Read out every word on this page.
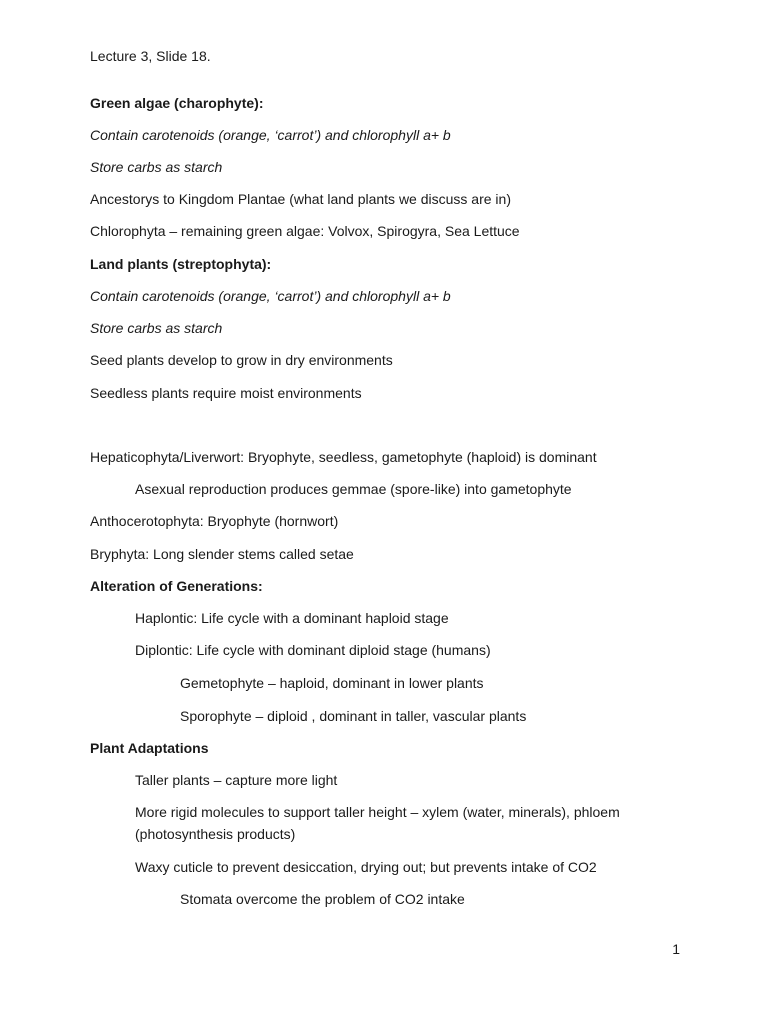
Lecture 3, Slide 18.
Green algae (charophyte):
Contain carotenoids (orange, ‘carrot’) and chlorophyll a+ b
Store carbs as starch
Ancestorys to Kingdom Plantae (what land plants we discuss are in)
Chlorophyta – remaining green algae: Volvox, Spirogyra, Sea Lettuce
Land plants (streptophyta):
Contain carotenoids (orange, ‘carrot’) and chlorophyll a+ b
Store carbs as starch
Seed plants develop to grow in dry environments
Seedless plants require moist environments
Hepaticophyta/Liverwort: Bryophyte, seedless, gametophyte (haploid) is dominant
Asexual reproduction produces gemmae (spore-like) into gametophyte
Anthocerotophyta: Bryophyte (hornwort)
Bryphyta: Long slender stems called setae
Alteration of Generations:
Haplontic: Life cycle with a dominant haploid stage
Diplontic: Life cycle with dominant diploid stage (humans)
Gemetophyte – haploid, dominant in lower plants
Sporophyte – diploid , dominant in taller, vascular plants
Plant Adaptations
Taller plants – capture more light
More rigid molecules to support taller height – xylem (water, minerals), phloem (photosynthesis products)
Waxy cuticle to prevent desiccation, drying out; but prevents intake of CO2
Stomata overcome the problem of CO2 intake
1
